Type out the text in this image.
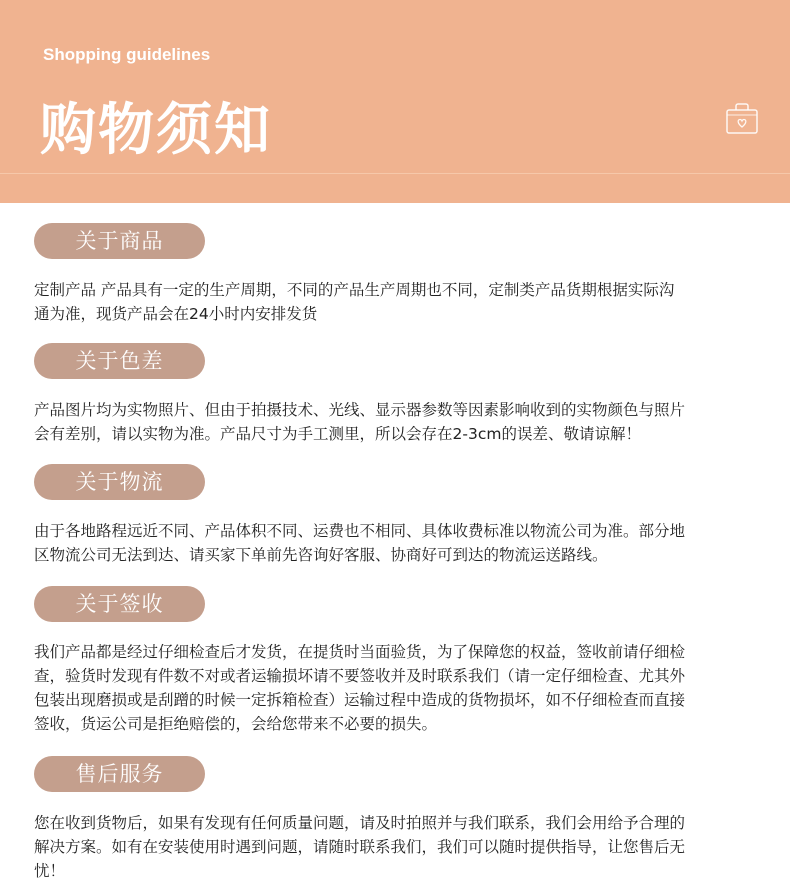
Shopping guidelines
购物须知
关于商品
定制产品 产品具有一定的生产周期，不同的产品生产周期也不同，定制类产品货期根据实际沟
通为准，现货产品会在24小时内安排发货
关于色差
产品图片均为实物照片、但由于拍摄技术、光线、显示器参数等因素影响收到的实物颜色与照片
会有差别，请以实物为准。产品尺寸为手工测里，所以会存在2-3cm的误差、敬请谅解！
关于物流
由于各地路程远近不同、产品体积不同、运费也不相同、具体收费标准以物流公司为准。部分地
区物流公司无法到达、请买家下单前先咨询好客服、协商好可到达的物流运送路线。
关于签收
我们产品都是经过仔细检查后才发货，在提货时当面验货，为了保障您的权益，签收前请仔细检
查，验货时发现有件数不对或者运输损坏请不要签收并及时联系我们（请一定仔细检查、尤其外
包装出现磨损或是刮蹭的时候一定拆箱检查）运输过程中造成的货物损坏，如不仔细检查而直接
签收，货运公司是拒绝赔偿的，会给您带来不必要的损失。
售后服务
您在收到货物后，如果有发现有任何质量问题，请及时拍照并与我们联系，我们会用给予合理的
解决方案。如有在安装使用时遇到问题，请随时联系我们，我们可以随时提供指导，让您售后无
忧！
